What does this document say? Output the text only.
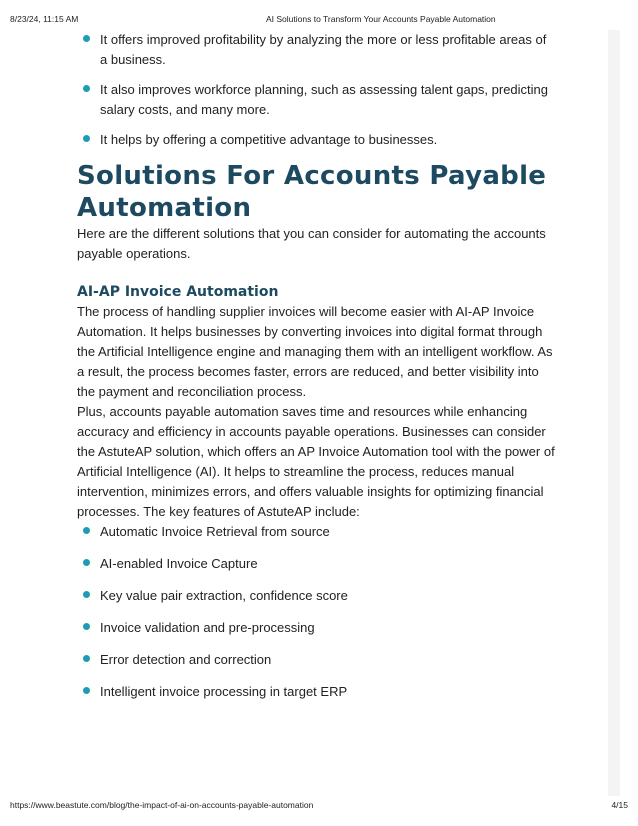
8/23/24, 11:15 AM	AI Solutions to Transform Your Accounts Payable Automation
It offers improved profitability by analyzing the more or less profitable areas of a business.
It also improves workforce planning, such as assessing talent gaps, predicting salary costs, and many more.
It helps by offering a competitive advantage to businesses.
Solutions For Accounts Payable Automation

Here are the different solutions that you can consider for automating the accounts payable operations.

AI-AP Invoice Automation

The process of handling supplier invoices will become easier with AI-AP Invoice Automation. It helps businesses by converting invoices into digital format through the Artificial Intelligence engine and managing them with an intelligent workflow. As a result, the process becomes faster, errors are reduced, and better visibility into the payment and reconciliation process.

Plus, accounts payable automation saves time and resources while enhancing accuracy and efficiency in accounts payable operations. Businesses can consider the AstuteAP solution, which offers an AP Invoice Automation tool with the power of Artificial Intelligence (AI). It helps to streamline the process, reduces manual intervention, minimizes errors, and offers valuable insights for optimizing financial processes. The key features of AstuteAP include:

Automatic Invoice Retrieval from source
AI-enabled Invoice Capture
Key value pair extraction, confidence score
Invoice validation and pre-processing
Error detection and correction
Intelligent invoice processing in target ERP
https://www.beastute.com/blog/the-impact-of-ai-on-accounts-payable-automation	4/15
